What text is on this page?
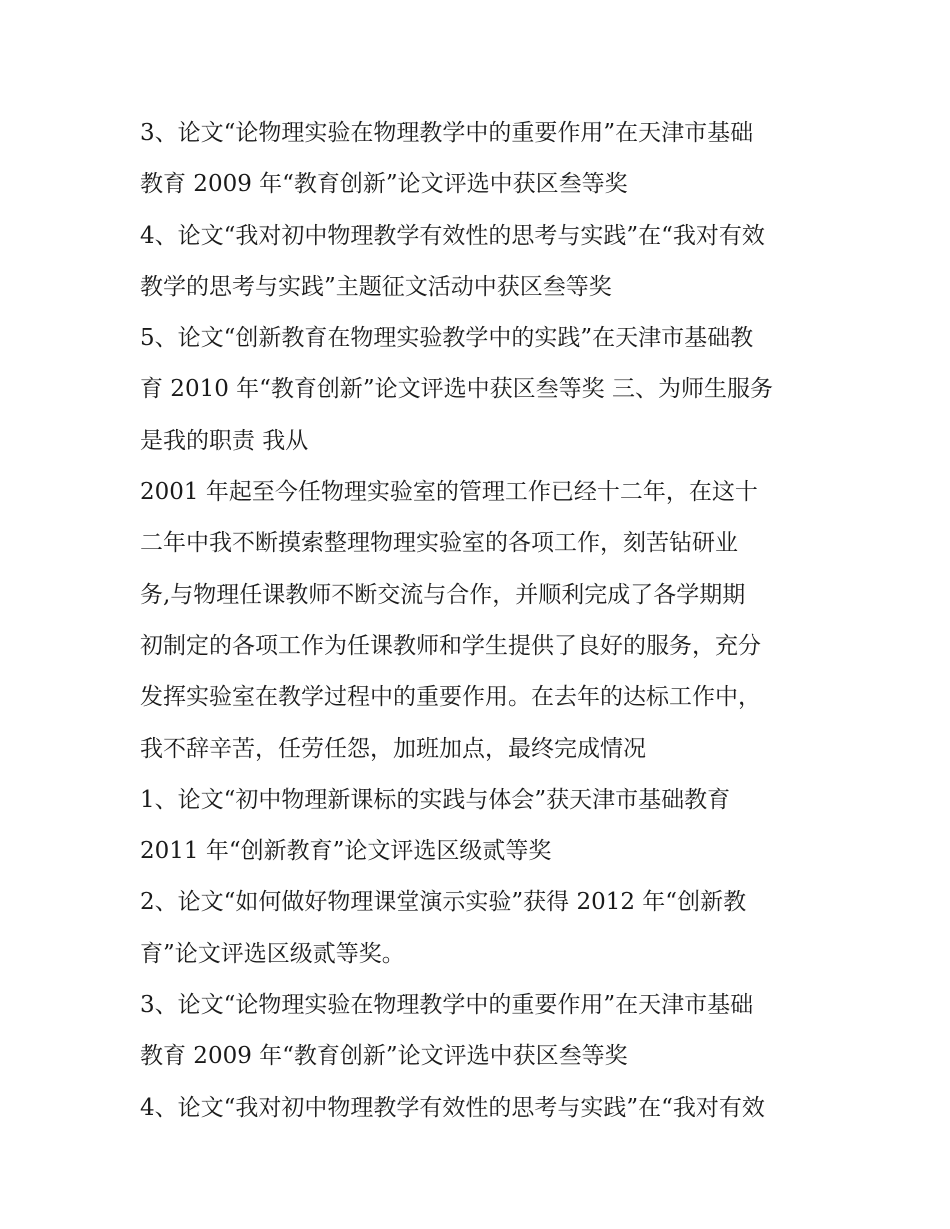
3、论文“论物理实验在物理教学中的重要作用”在天津市基础
教育 2009 年“教育创新”论文评选中获区叁等奖
4、论文“我对初中物理教学有效性的思考与实践”在“我对有效
教学的思考与实践”主题征文活动中获区叁等奖
5、论文“创新教育在物理实验教学中的实践”在天津市基础教
育 2010 年“教育创新”论文评选中获区叁等奖 三、为师生服务
是我的职责 我从
2001 年起至今任物理实验室的管理工作已经十二年，在这十
二年中我不断摸索整理物理实验室的各项工作，刻苦钻研业
务,与物理任课教师不断交流与合作，并顺利完成了各学期期
初制定的各项工作为任课教师和学生提供了良好的服务，充分
发挥实验室在教学过程中的重要作用。在去年的达标工作中，
我不辞辛苦，任劳任怨，加班加点，最终完成情况
1、论文“初中物理新课标的实践与体会”获天津市基础教育
2011 年“创新教育”论文评选区级贰等奖
2、论文“如何做好物理课堂演示实验”获得 2012 年“创新教
育”论文评选区级贰等奖。
3、论文“论物理实验在物理教学中的重要作用”在天津市基础
教育 2009 年“教育创新”论文评选中获区叁等奖
4、论文“我对初中物理教学有效性的思考与实践”在“我对有效
